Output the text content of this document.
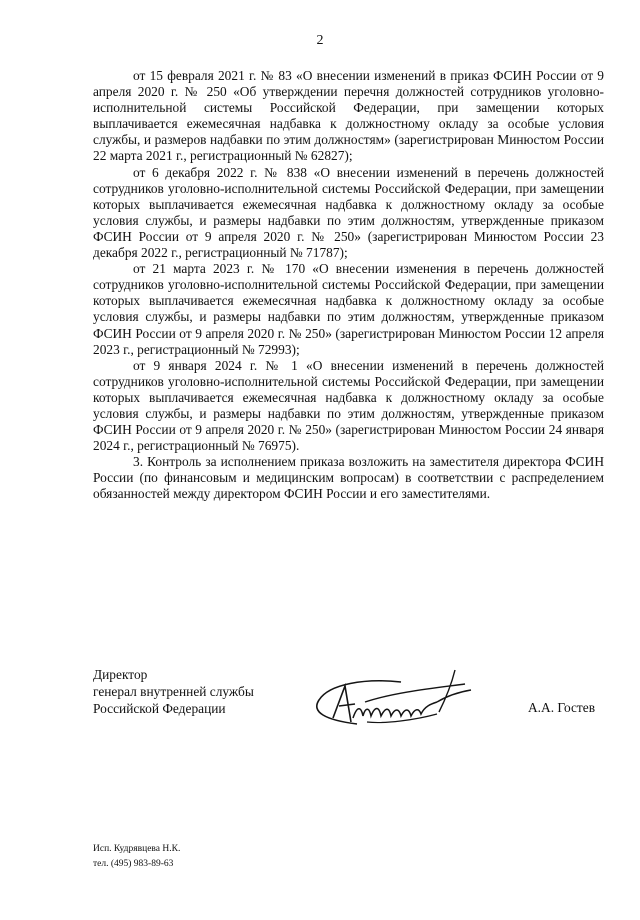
2

от 15 февраля 2021 г. № 83 «О внесении изменений в приказ ФСИН России от 9 апреля 2020 г. № 250 «Об утверждении перечня должностей сотрудников уголовно-исполнительной системы Российской Федерации, при замещении которых выплачивается ежемесячная надбавка к должностному окладу за особые условия службы, и размеров надбавки по этим должностям» (зарегистрирован Минюстом России 22 марта 2021 г., регистрационный № 62827);

от 6 декабря 2022 г. № 838 «О внесении изменений в перечень должностей сотрудников уголовно-исполнительной системы Российской Федерации, при замещении которых выплачивается ежемесячная надбавка к должностному окладу за особые условия службы, и размеры надбавки по этим должностям, утвержденные приказом ФСИН России от 9 апреля 2020 г. № 250» (зарегистрирован Минюстом России 23 декабря 2022 г., регистрационный № 71787);

от 21 марта 2023 г. № 170 «О внесении изменения в перечень должностей сотрудников уголовно-исполнительной системы Российской Федерации, при замещении которых выплачивается ежемесячная надбавка к должностному окладу за особые условия службы, и размеры надбавки по этим должностям, утвержденные приказом ФСИН России от 9 апреля 2020 г. № 250» (зарегистрирован Минюстом России 12 апреля 2023 г., регистрационный № 72993);

от 9 января 2024 г. № 1 «О внесении изменений в перечень должностей сотрудников уголовно-исполнительной системы Российской Федерации, при замещении которых выплачивается ежемесячная надбавка к должностному окладу за особые условия службы, и размеры надбавки по этим должностям, утвержденные приказом ФСИН России от 9 апреля 2020 г. № 250» (зарегистрирован Минюстом России 24 января 2024 г., регистрационный № 76975).

3. Контроль за исполнением приказа возложить на заместителя директора ФСИН России (по финансовым и медицинским вопросам) в соответствии с распределением обязанностей между директором ФСИН России и его заместителями.

Директор
генерал внутренней службы
Российской Федерации	А.А. Гостев
Исп. Кудрявцева Н.К.
тел. (495) 983-89-63
